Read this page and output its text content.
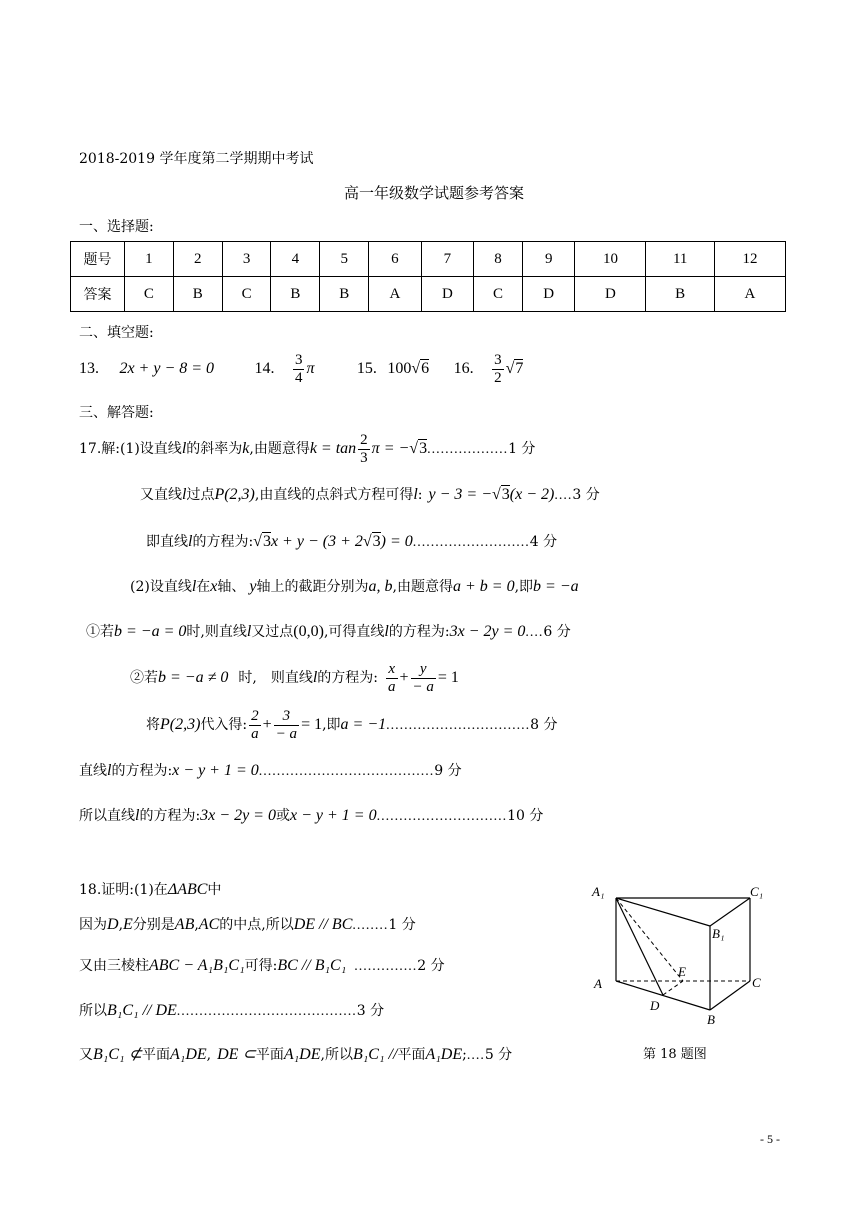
2018-2019 学年度第二学期期中考试
高一年级数学试题参考答案
一、选择题:
题号	1	2	3	4	5	6	7	8	9	10	11	12
答案	C	B	C	B	B	A	D	C	D	D	B	A
二、填空题:
13. 2x + y − 8 = 0	14. $\frac{3}{4}$ π	15. 100√6 16. $\frac{3}{2} √7$
三、解答题:
17.解:(1)设直线l的斜率为k,由题意得$k = \tan \frac{2}{3}$ π = −√3..................1 分
又直线l过点P(2,3),由直线的点斜式方程可得l: y − 3 = −√3(x − 2)....3 分
即直线l的方程为:√3x + y − (3 + 2√3) = 0..........................4 分
(2)设直线l在x轴、 y轴上的截距分别为a, b,由题意得a + b = 0,即b = −a
①若b = −a = 0时,则直线l又过点(0,0),可得直线l的方程为:3x − 2y = 0....6 分
②若b = −a ≠ 0 时, 则直线l的方程为: $\frac{x}{a} + \frac{y}{- a} = 1$
将P(2,3)代入得: $\frac{2}{a} + \frac{3}{- a} = 1$,即a = −1................................8 分
直线l的方程为:x − y + 1 = 0.......................................9 分
所以直线l的方程为:3x − 2y = 0或x − y + 1 = 0.............................10 分
18.证明:(1)在ΔABC中
因为D,E分别是AB,AC的中点,所以DE // BC........1 分
又由三棱柱ABC − A₁B₁C₁可得:BC // B₁C₁ ..............2 分
所以B₁C₁ // DE........................................3 分
又B₁C₁ ⊄平面A₁DE, DE ⊂平面A₁DE,所以B₁C₁ //平面A₁DE;....5 分
A₁	C₁
B₁
E
A	C
D
B
第 18 题图
- 5 -
